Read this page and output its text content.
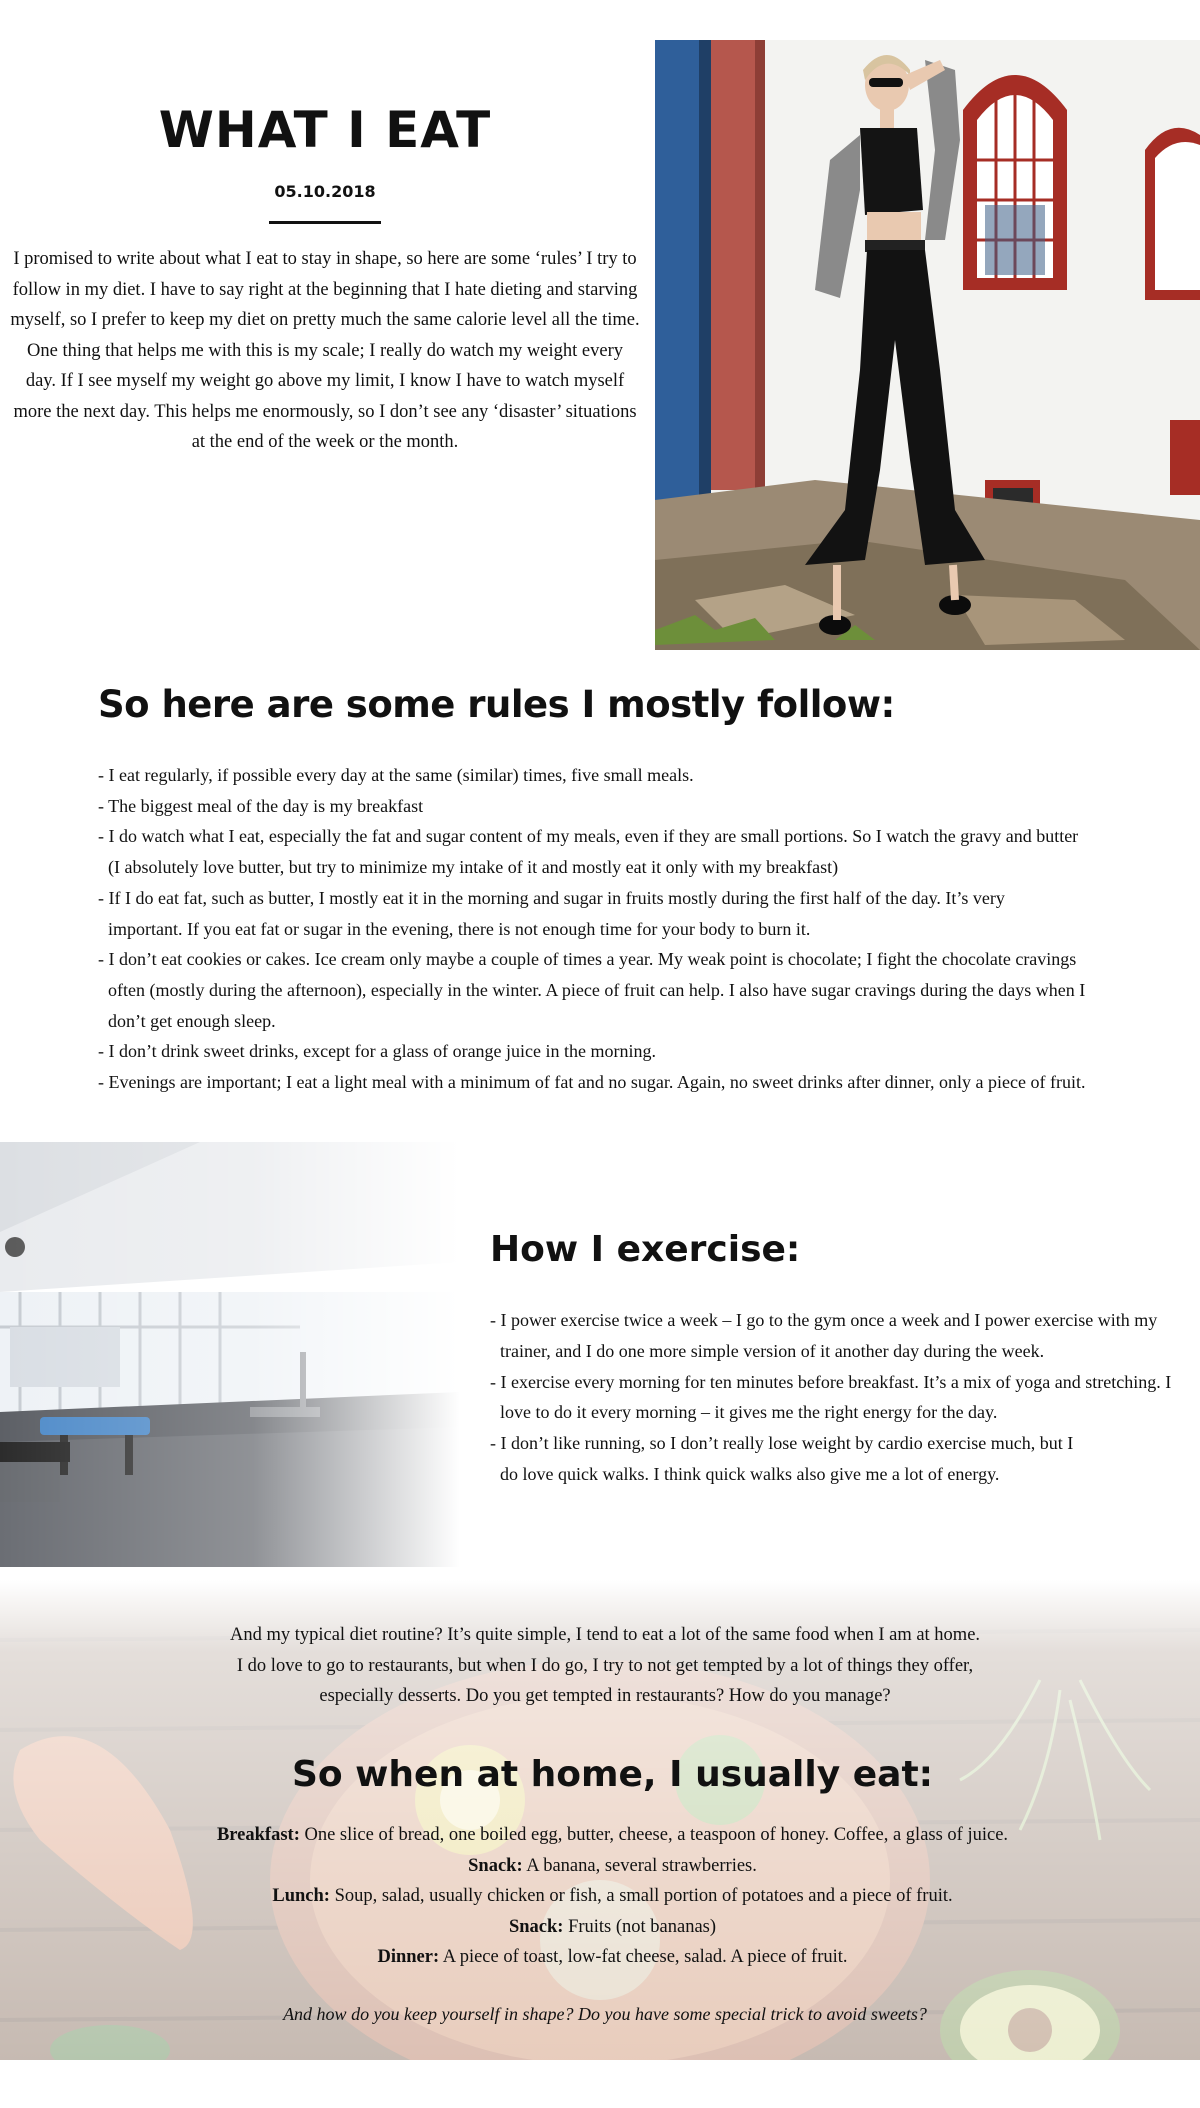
WHAT I EAT
05.10.2018

I promised to write about what I eat to stay in shape, so here are some ‘rules’ I try to follow in my diet. I have to say right at the beginning that I hate dieting and starving myself, so I prefer to keep my diet on pretty much the same calorie level all the time. One thing that helps me with this is my scale; I really do watch my weight every day. If I see myself my weight go above my limit, I know I have to watch myself more the next day. This helps me enormously, so I don’t see any ‘disaster’ situations at the end of the week or the month.

So here are some rules I mostly follow:
- I eat regularly, if possible every day at the same (similar) times, five small meals.
- The biggest meal of the day is my breakfast
- I do watch what I eat, especially the fat and sugar content of my meals, even if they are small portions. So I watch the gravy and butter (I absolutely love butter, but try to minimize my intake of it and mostly eat it only with my breakfast)
- If I do eat fat, such as butter, I mostly eat it in the morning and sugar in fruits mostly during the first half of the day. It’s very important. If you eat fat or sugar in the evening, there is not enough time for your body to burn it.
- I don’t eat cookies or cakes. Ice cream only maybe a couple of times a year. My weak point is chocolate; I fight the chocolate cravings often (mostly during the afternoon), especially in the winter. A piece of fruit can help. I also have sugar cravings during the days when I don’t get enough sleep.
- I don’t drink sweet drinks, except for a glass of orange juice in the morning.
- Evenings are important; I eat a light meal with a minimum of fat and no sugar. Again, no sweet drinks after dinner, only a piece of fruit.
How I exercise:
- I power exercise twice a week – I go to the gym once a week and I power exercise with my trainer, and I do one more simple version of it another day during the week.
- I exercise every morning for ten minutes before breakfast. It’s a mix of yoga and stretching. I love to do it every morning – it gives me the right energy for the day.
- I don’t like running, so I don’t really lose weight by cardio exercise much, but I do love quick walks. I think quick walks also give me a lot of energy.
And my typical diet routine? It’s quite simple, I tend to eat a lot of the same food when I am at home.
I do love to go to restaurants, but when I do go, I try to not get tempted by a lot of things they offer,
especially desserts. Do you get tempted in restaurants? How do you manage?
So when at home, I usually eat:
Breakfast: One slice of bread, one boiled egg, butter, cheese, a teaspoon of honey. Coffee, a glass of juice.
Snack: A banana, several strawberries.
Lunch: Soup, salad, usually chicken or fish, a small portion of potatoes and a piece of fruit.
Snack: Fruits (not bananas)
Dinner: A piece of toast, low-fat cheese, salad. A piece of fruit.
And how do you keep yourself in shape? Do you have some special trick to avoid sweets?
